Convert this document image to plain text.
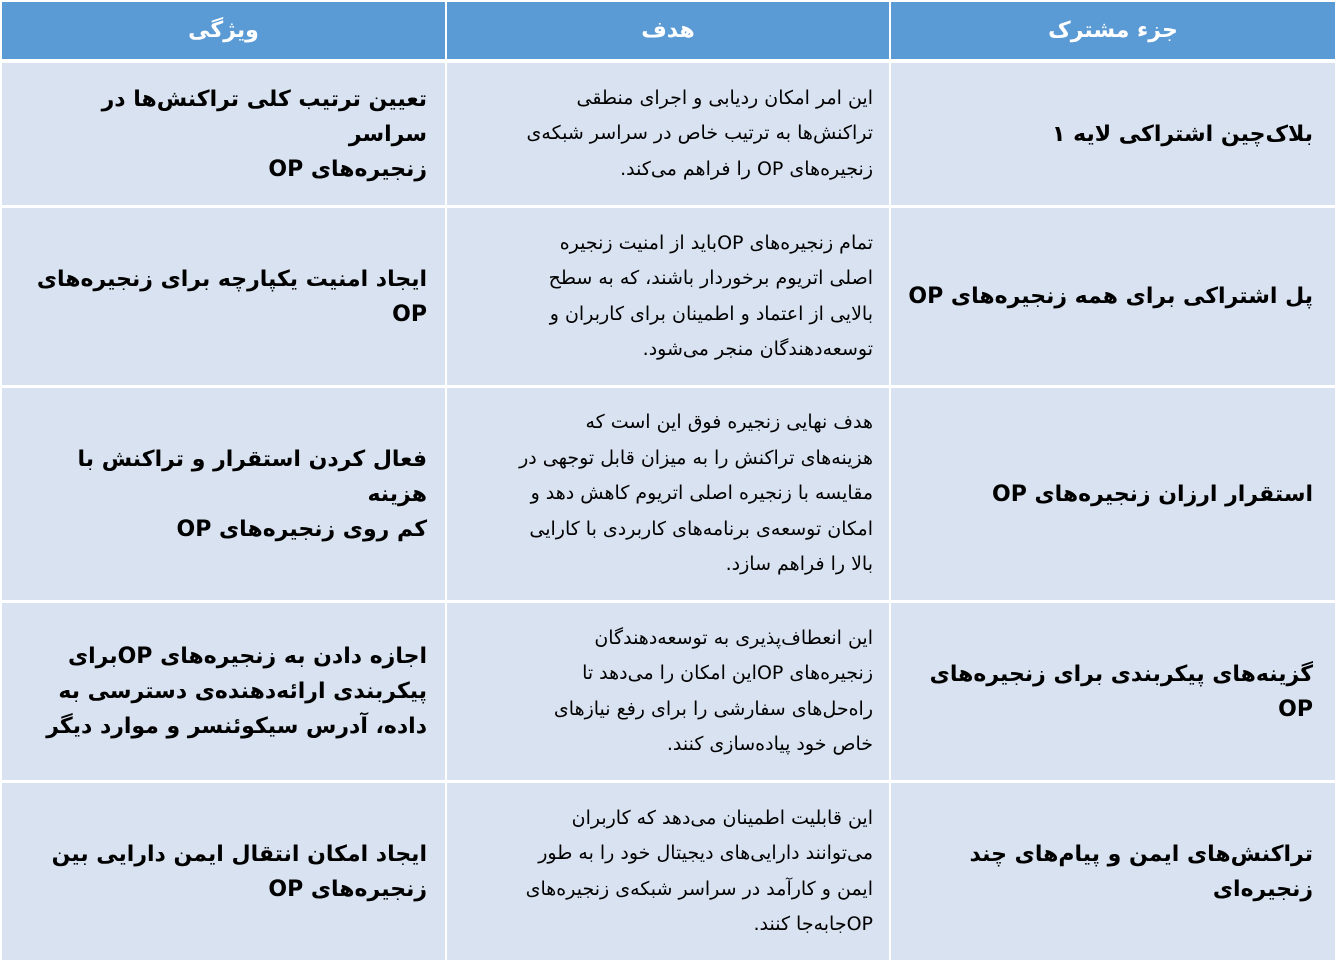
جزء مشترک
هدف
ویژگی
بلاک‌چین اشتراکی لایه ۱
این امر امکان ردیابی و اجرای منطقی
تراکنش‌ها به ترتیب خاص در سراسر شبکه‌ی
زنجیره‌های OP را فراهم می‌کند.
تعیین ترتیب کلی تراکنش‌ها در سراسر
زنجیره‌های OP
پل اشتراکی برای همه زنجیره‌های OP
تمام زنجیره‌های OPباید از امنیت زنجیره
اصلی اتریوم برخوردار باشند، که به سطح
بالایی از اعتماد و اطمینان برای کاربران و
توسعه‌دهندگان منجر می‌شود.
ایجاد امنیت یکپارچه برای زنجیره‌های
OP
استقرار ارزان زنجیره‌های OP
هدف نهایی زنجیره فوق این است که
هزینه‌های تراکنش را به میزان قابل توجهی در
مقایسه با زنجیره اصلی اتریوم کاهش دهد و
امکان توسعه‌ی برنامه‌های کاربردی با کارایی
بالا را فراهم سازد.
فعال کردن استقرار و تراکنش با هزینه
کم روی زنجیره‌های OP
گزینه‌های پیکربندی برای زنجیره‌های
OP
این انعطاف‌پذیری به توسعه‌دهندگان
زنجیره‌های OPاین امکان را می‌دهد تا
راه‌حل‌های سفارشی را برای رفع نیازهای
خاص خود پیاده‌سازی کنند.
اجازه دادن به زنجیره‌های OPبرای
پیکربندی ارائه‌دهنده‌ی دسترسی به
داده، آدرس سیکوئنسر و موارد دیگر
تراکنش‌های ایمن و پیام‌های چند
زنجیره‌ای
این قابلیت اطمینان می‌دهد که کاربران
می‌توانند دارایی‌های دیجیتال خود را به طور
ایمن و کارآمد در سراسر شبکه‌ی زنجیره‌های
OPجابه‌جا کنند.
ایجاد امکان انتقال ایمن دارایی بین
زنجیره‌های OP
